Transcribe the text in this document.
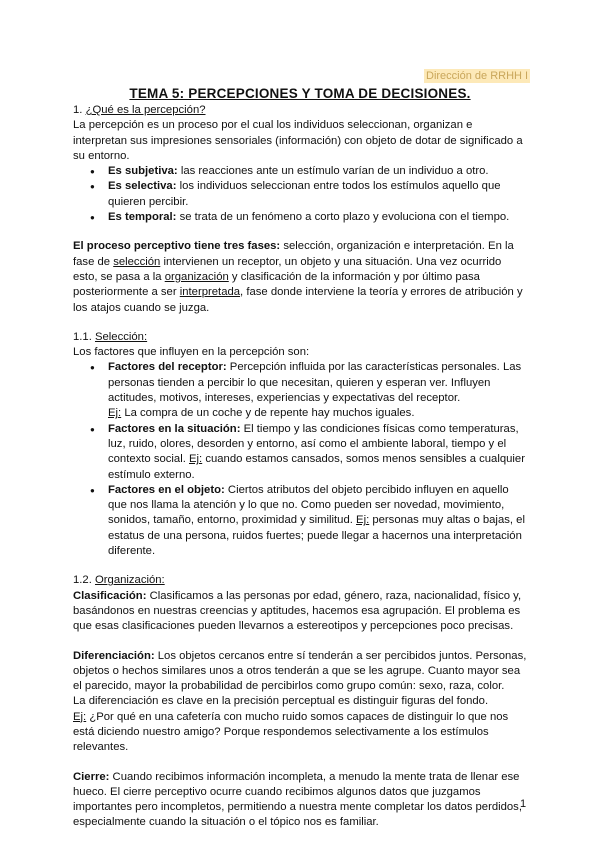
Dirección de RRHH I
TEMA 5: PERCEPCIONES Y TOMA DE DECISIONES.

1. ¿Qué es la percepción?

La percepción es un proceso por el cual los individuos seleccionan, organizan e interpretan sus impresiones sensoriales (información) con objeto de dotar de significado a su entorno.

● Es subjetiva: las reacciones ante un estímulo varían de un individuo a otro.
● Es selectiva: los individuos seleccionan entre todos los estímulos aquello que quieren percibir.
● Es temporal: se trata de un fenómeno a corto plazo y evoluciona con el tiempo.

El proceso perceptivo tiene tres fases: selección, organización e interpretación. En la fase de selección intervienen un receptor, un objeto y una situación. Una vez ocurrido esto, se pasa a la organización y clasificación de la información y por último pasa posteriormente a ser interpretada, fase donde interviene la teoría y errores de atribución y los atajos cuando se juzga.

1.1. Selección:

Los factores que influyen en la percepción son:

● Factores del receptor: Percepción influida por las características personales. Las personas tienden a percibir lo que necesitan, quieren y esperan ver. Influyen actitudes, motivos, intereses, experiencias y expectativas del receptor.
Ej: La compra de un coche y de repente hay muchos iguales.
● Factores en la situación: El tiempo y las condiciones físicas como temperaturas, luz, ruido, olores, desorden y entorno, así como el ambiente laboral, tiempo y el contexto social. Ej: cuando estamos cansados, somos menos sensibles a cualquier estímulo externo.
● Factores en el objeto: Ciertos atributos del objeto percibido influyen en aquello que nos llama la atención y lo que no. Como pueden ser novedad, movimiento, sonidos, tamaño, entorno, proximidad y similitud. Ej: personas muy altas o bajas, el estatus de una persona, ruidos fuertes; puede llegar a hacernos una interpretación diferente.

1.2. Organización:

Clasificación: Clasificamos a las personas por edad, género, raza, nacionalidad, físico y, basándonos en nuestras creencias y aptitudes, hacemos esa agrupación. El problema es que esas clasificaciones pueden llevarnos a estereotipos y percepciones poco precisas.

Diferenciación: Los objetos cercanos entre sí tenderán a ser percibidos juntos. Personas, objetos o hechos similares unos a otros tenderán a que se les agrupe. Cuanto mayor sea el parecido, mayor la probabilidad de percibirlos como grupo común: sexo, raza, color.

La diferenciación es clave en la precisión perceptual es distinguir figuras del fondo.

Ej: ¿Por qué en una cafetería con mucho ruido somos capaces de distinguir lo que nos está diciendo nuestro amigo? Porque respondemos selectivamente a los estímulos relevantes.

Cierre: Cuando recibimos información incompleta, a menudo la mente trata de llenar ese hueco. El cierre perceptivo ocurre cuando recibimos algunos datos que juzgamos importantes pero incompletos, permitiendo a nuestra mente completar los datos perdidos, especialmente cuando la situación o el tópico nos es familiar.

1
